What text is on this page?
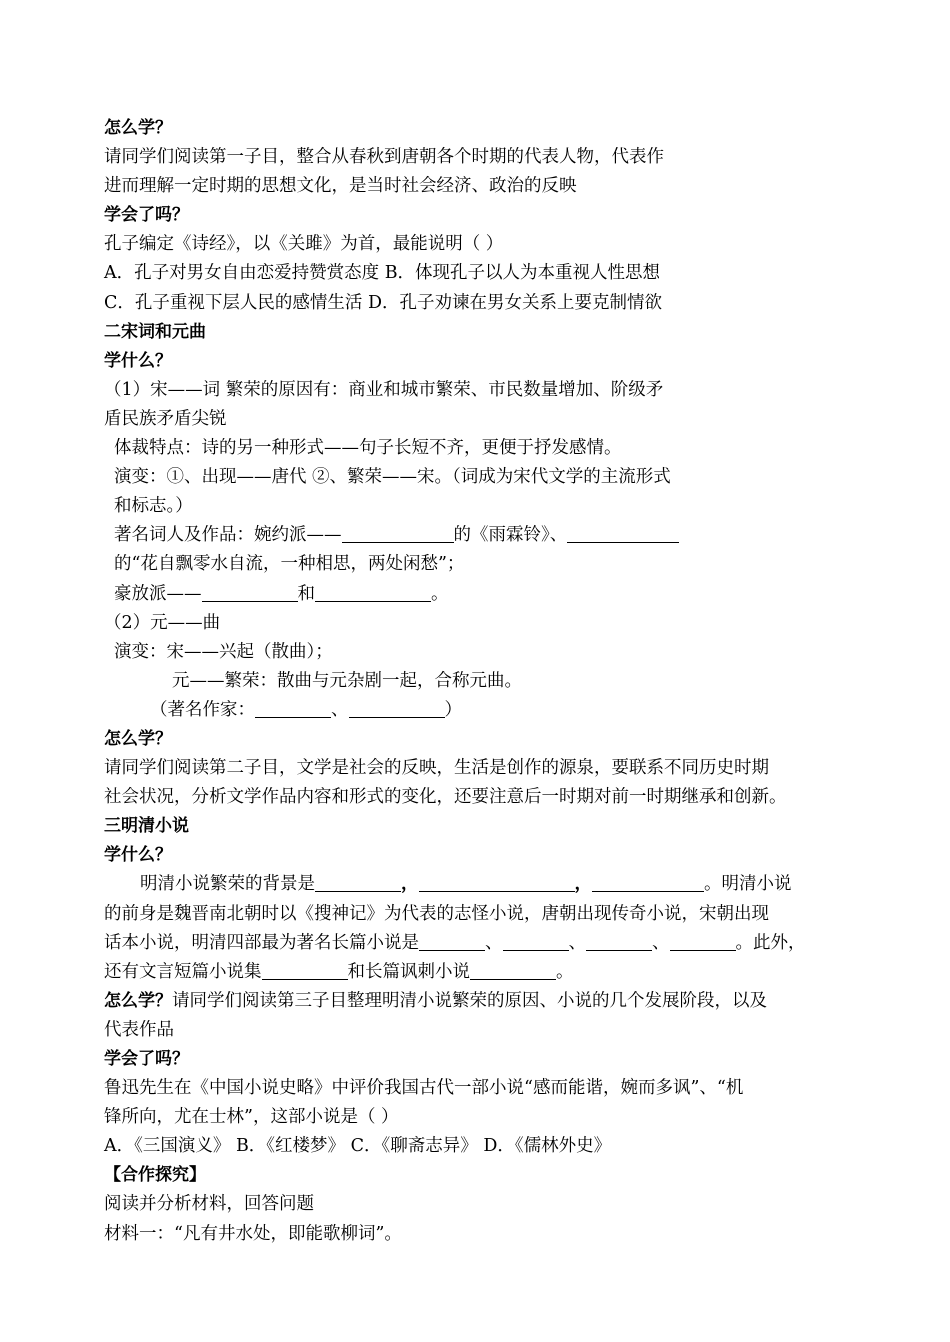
怎么学？
请同学们阅读第一子目，整合从春秋到唐朝各个时期的代表人物，代表作
进而理解一定时期的思想文化，是当时社会经济、政治的反映
学会了吗？
孔子编定《诗经》，以《关雎》为首，最能说明（ ）
A．孔子对男女自由恋爱持赞赏态度 B．体现孔子以人为本重视人性思想
C．孔子重视下层人民的感情生活 D．孔子劝谏在男女关系上要克制情欲
二宋词和元曲
学什么？
（1）宋——词 繁荣的原因有：商业和城市繁荣、市民数量增加、阶级矛
盾民族矛盾尖锐
体裁特点：诗的另一种形式——句子长短不齐，更便于抒发感情。
演变：①、出现——唐代 ②、繁荣——宋。（词成为宋代文学的主流形式
和标志。）
著名词人及作品：婉约派——	的《雨霖铃》、
的“花自飘零水自流，一种相思，两处闲愁”；
豪放派——	和	。
（2）元——曲
演变：宋——兴起（散曲）；
元——繁荣：散曲与元杂剧一起，合称元曲。
（著名作家：	、	）
怎么学？
请同学们阅读第二子目，文学是社会的反映，生活是创作的源泉，要联系不同历史时期
社会状况，分析文学作品内容和形式的变化，还要注意后一时期对前一时期继承和创新。
三明清小说
学什么？
明清小说繁荣的背景是	，	，	。明清小说
的前身是魏晋南北朝时以《搜神记》为代表的志怪小说，唐朝出现传奇小说，宋朝出现
话本小说，明清四部最为著名长篇小说是	、	、	、	。此外，
还有文言短篇小说集	和长篇讽刺小说	。
怎么学？请同学们阅读第三子目整理明清小说繁荣的原因、小说的几个发展阶段，以及
代表作品
学会了吗？
鲁迅先生在《中国小说史略》中评价我国古代一部小说“感而能谐，婉而多讽”、“机
锋所向，尤在士林”，这部小说是（ ）
A．《三国演义》 B．《红楼梦》 C．《聊斋志异》 D．《儒林外史》
【合作探究】
阅读并分析材料，回答问题
材料一：“凡有井水处，即能歌柳词”。
